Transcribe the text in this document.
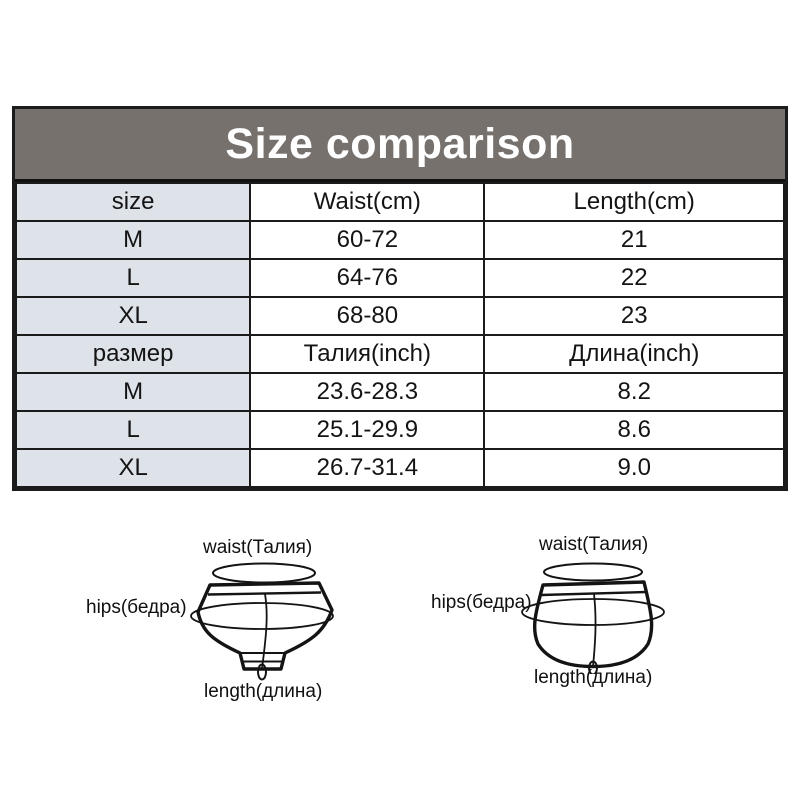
Size comparison
size	Waist(cm)	Length(cm)
M	60-72	21
L	64-76	22
XL	68-80	23
размер	Талия(inch)	Длина(inch)
M	23.6-28.3	8.2
L	25.1-29.9	8.6
XL	26.7-31.4	9.0
waist(Талия)
hips(бедра)
length(длина)
waist(Талия)
hips(бедра)
length(длина)
